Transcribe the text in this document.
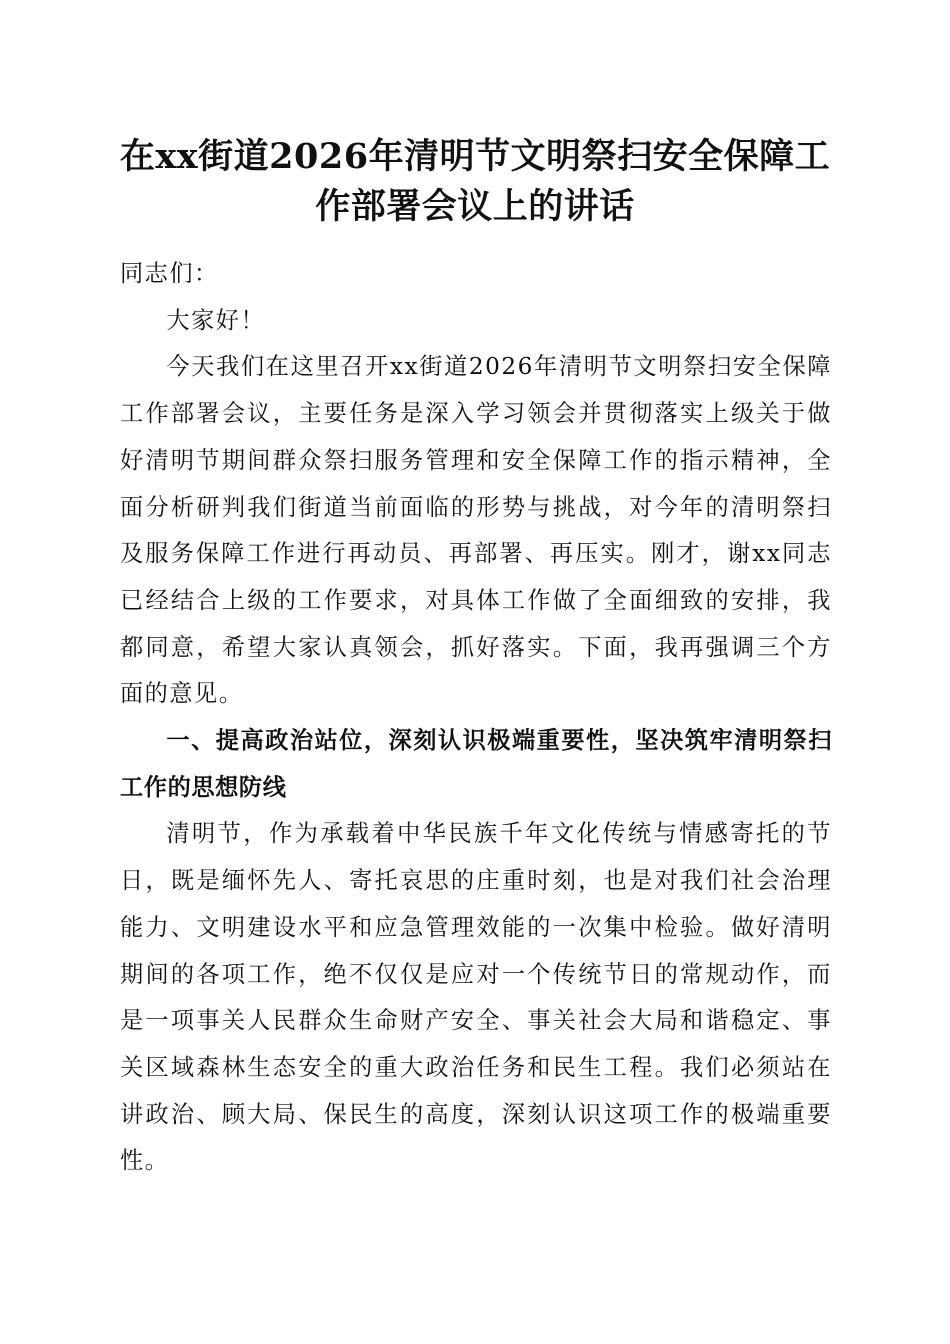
在xx街道2026年清明节文明祭扫安全保障工
作部署会议上的讲话

同志们：

大家好！

今天我们在这里召开xx街道2026年清明节文明祭扫安全保障工作部署会议，主要任务是深入学习领会并贯彻落实上级关于做好清明节期间群众祭扫服务管理和安全保障工作的指示精神，全面分析研判我们街道当前面临的形势与挑战，对今年的清明祭扫及服务保障工作进行再动员、再部署、再压实。刚才，谢xx同志已经结合上级的工作要求，对具体工作做了全面细致的安排，我都同意，希望大家认真领会，抓好落实。下面，我再强调三个方面的意见。

一、提高政治站位，深刻认识极端重要性，坚决筑牢清明祭扫工作的思想防线

清明节，作为承载着中华民族千年文化传统与情感寄托的节日，既是缅怀先人、寄托哀思的庄重时刻，也是对我们社会治理能力、文明建设水平和应急管理效能的一次集中检验。做好清明期间的各项工作，绝不仅仅是应对一个传统节日的常规动作，而是一项事关人民群众生命财产安全、事关社会大局和谐稳定、事关区域森林生态安全的重大政治任务和民生工程。我们必须站在讲政治、顾大局、保民生的高度，深刻认识这项工作的极端重要性。
